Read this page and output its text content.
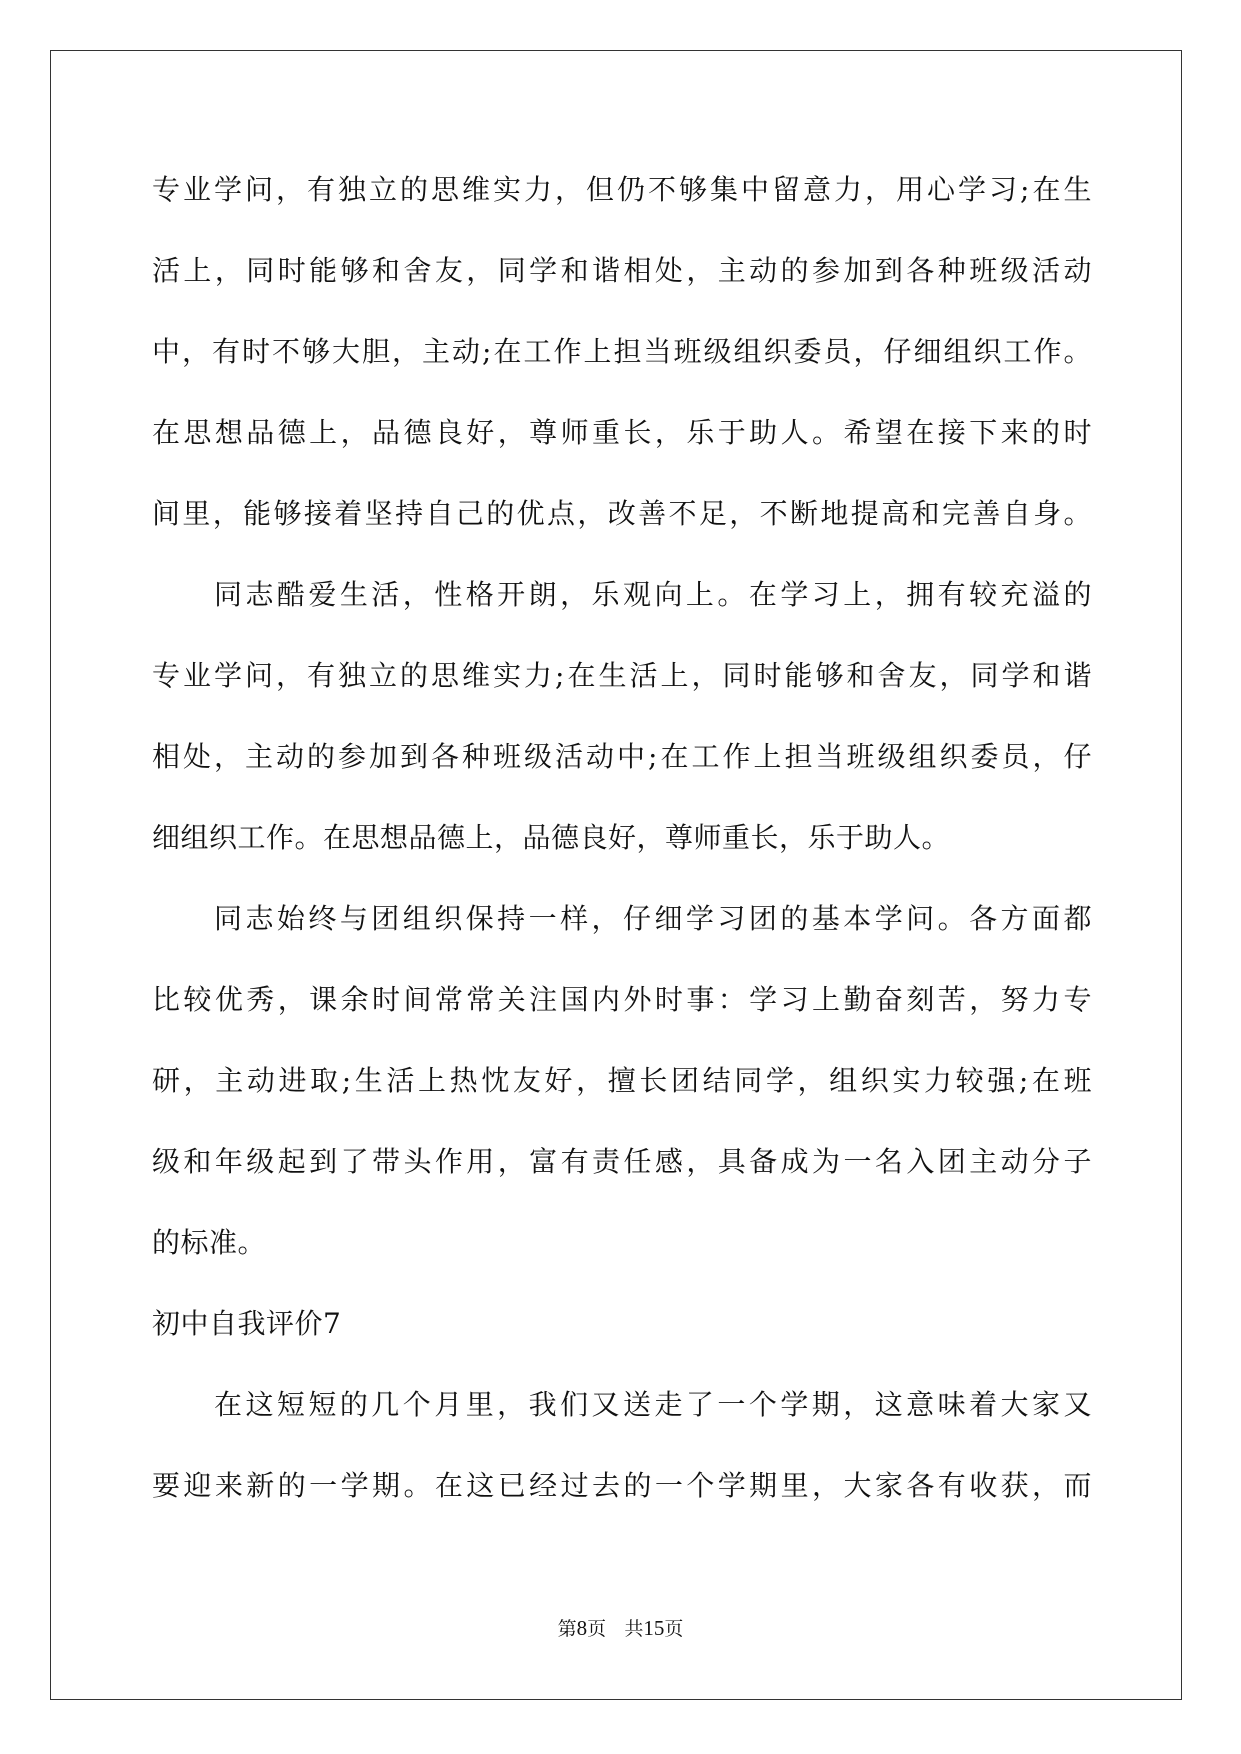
专业学问，有独立的思维实力，但仍不够集中留意力，用心学习;在生
活上，同时能够和舍友，同学和谐相处，主动的参加到各种班级活动
中，有时不够大胆，主动;在工作上担当班级组织委员，仔细组织工作。
在思想品德上，品德良好，尊师重长，乐于助人。希望在接下来的时
间里，能够接着坚持自己的优点，改善不足，不断地提高和完善自身。
同志酷爱生活，性格开朗，乐观向上。在学习上，拥有较充溢的
专业学问，有独立的思维实力;在生活上，同时能够和舍友，同学和谐
相处，主动的参加到各种班级活动中;在工作上担当班级组织委员，仔
细组织工作。在思想品德上，品德良好，尊师重长，乐于助人。
同志始终与团组织保持一样，仔细学习团的基本学问。各方面都
比较优秀，课余时间常常关注国内外时事：学习上勤奋刻苦，努力专
研，主动进取;生活上热忱友好，擅长团结同学，组织实力较强;在班
级和年级起到了带头作用，富有责任感，具备成为一名入团主动分子
的标准。
初中自我评价7
在这短短的几个月里，我们又送走了一个学期，这意味着大家又
要迎来新的一学期。在这已经过去的一个学期里，大家各有收获，而
第8页 共15页
